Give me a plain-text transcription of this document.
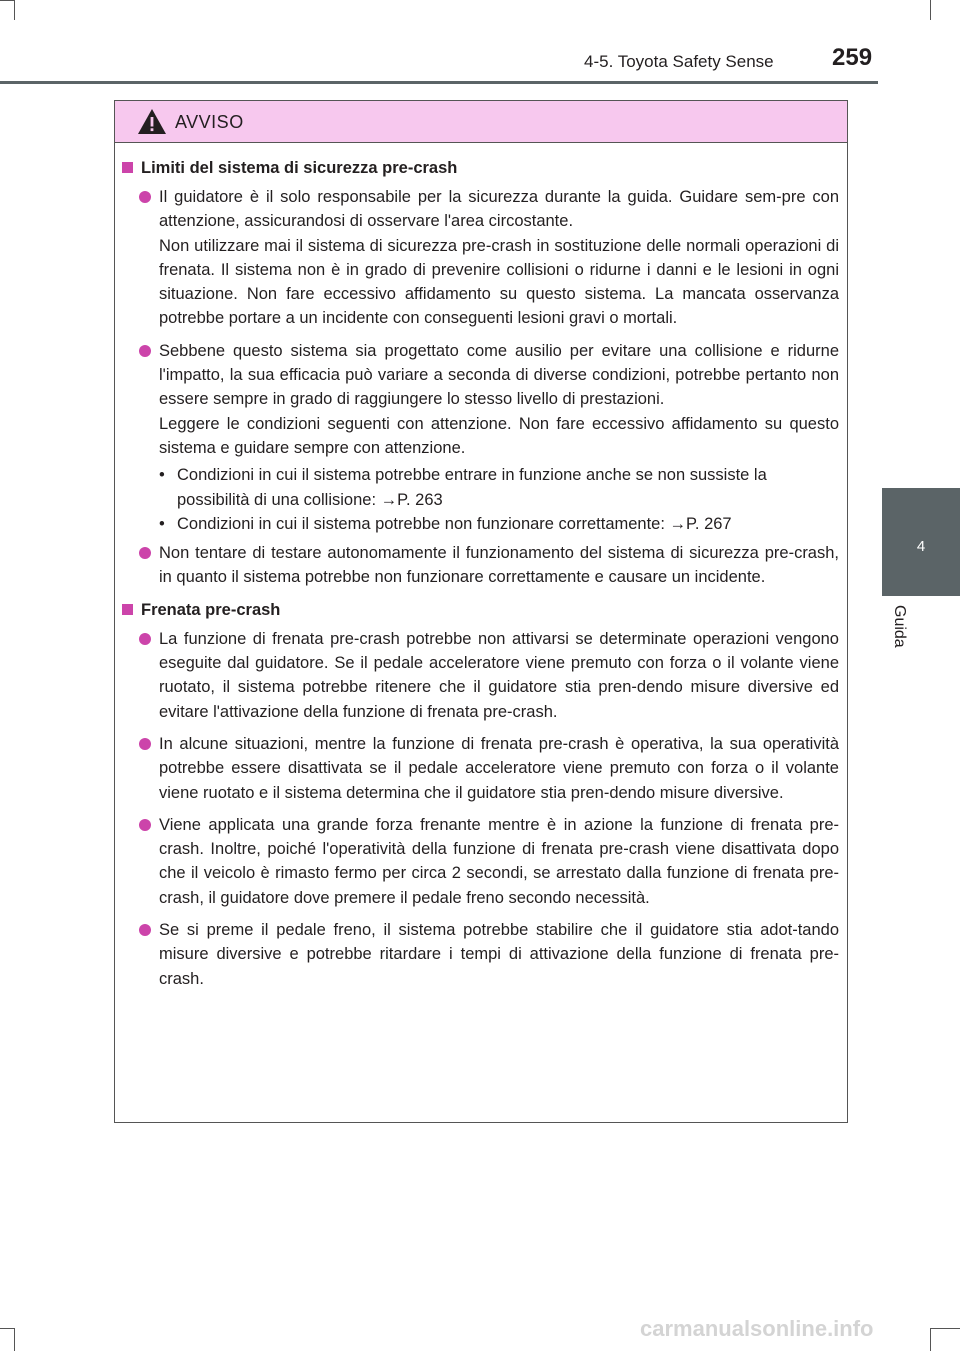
4-5. Toyota Safety Sense 259
4
Guida
AVVISO
Limiti del sistema di sicurezza pre-crash

Il guidatore è il solo responsabile per la sicurezza durante la guida. Guidare sem-pre con attenzione, assicurandosi di osservare l'area circostante.

Non utilizzare mai il sistema di sicurezza pre-crash in sostituzione delle normali operazioni di frenata. Il sistema non è in grado di prevenire collisioni o ridurne i danni e le lesioni in ogni situazione. Non fare eccessivo affidamento su questo sistema. La mancata osservanza potrebbe portare a un incidente con conseguenti lesioni gravi o mortali.

Sebbene questo sistema sia progettato come ausilio per evitare una collisione e ridurne l'impatto, la sua efficacia può variare a seconda di diverse condizioni, potrebbe pertanto non essere sempre in grado di raggiungere lo stesso livello di prestazioni.

Leggere le condizioni seguenti con attenzione. Non fare eccessivo affidamento su questo sistema e guidare sempre con attenzione.

• Condizioni in cui il sistema potrebbe entrare in funzione anche se non sussiste la possibilità di una collisione: →P. 263
• Condizioni in cui il sistema potrebbe non funzionare correttamente: →P. 267

Non tentare di testare autonomamente il funzionamento del sistema di sicurezza pre-crash, in quanto il sistema potrebbe non funzionare correttamente e causare un incidente.

Frenata pre-crash

La funzione di frenata pre-crash potrebbe non attivarsi se determinate operazioni vengono eseguite dal guidatore. Se il pedale acceleratore viene premuto con forza o il volante viene ruotato, il sistema potrebbe ritenere che il guidatore stia pren-dendo misure diversive ed evitare l'attivazione della funzione di frenata pre-crash.

In alcune situazioni, mentre la funzione di frenata pre-crash è operativa, la sua operatività potrebbe essere disattivata se il pedale acceleratore viene premuto con forza o il volante viene ruotato e il sistema determina che il guidatore stia pren-dendo misure diversive.

Viene applicata una grande forza frenante mentre è in azione la funzione di frenata pre-crash. Inoltre, poiché l'operatività della funzione di frenata pre-crash viene disattivata dopo che il veicolo è rimasto fermo per circa 2 secondi, se arrestato dalla funzione di frenata pre-crash, il guidatore dove premere il pedale freno secondo necessità.

Se si preme il pedale freno, il sistema potrebbe stabilire che il guidatore stia adot-tando misure diversive e potrebbe ritardare i tempi di attivazione della funzione di frenata pre-crash.

carmanualsonline.info
